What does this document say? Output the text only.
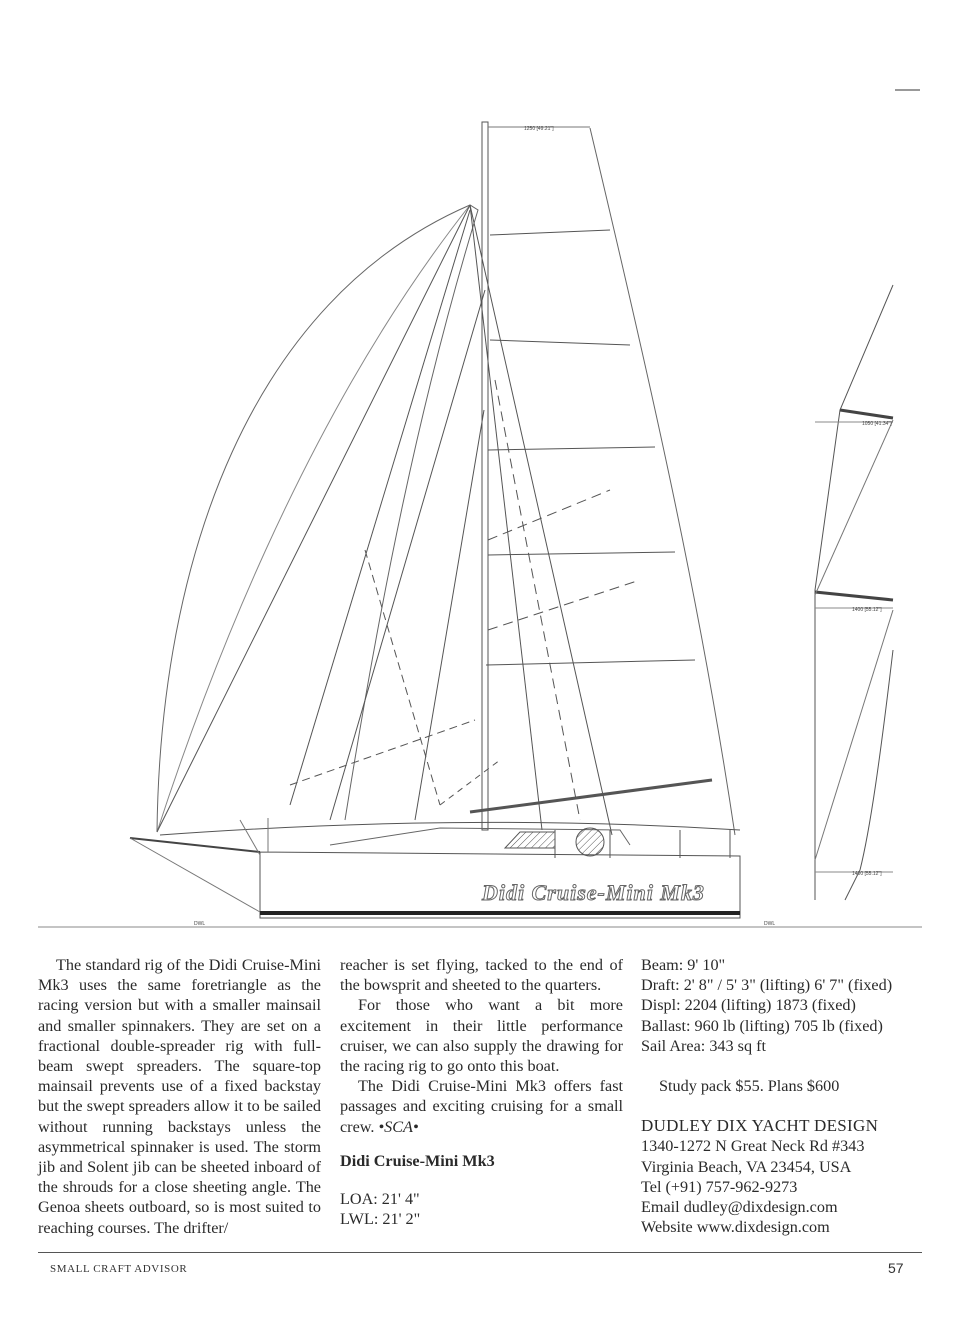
Didi Cruise-Mini Mk3
1250 [49.21"]
1050 [41.34"]
1400 [55.12"]
1400 [55.12"]
DWL	DWL

The standard rig of the Didi Cruise-Mini Mk3 uses the same foretriangle as the racing version but with a smaller mainsail and smaller spinnakers. They are set on a fractional double-spreader rig with full-beam swept spreaders. The square-top mainsail prevents use of a fixed backstay but the swept spreaders allow it to be sailed without running backstays unless the asymmetrical spinnaker is used. The storm jib and Solent jib can be sheeted inboard of the shrouds for a close sheeting angle. The Genoa sheets outboard, so is most suited to reaching courses. The drifter/

reacher is set flying, tacked to the end of the bowsprit and sheeted to the quarters.

For those who want a bit more excitement in their little performance cruiser, we can also supply the drawing for the racing rig to go onto this boat.

The Didi Cruise-Mini Mk3 offers fast passages and exciting cruising for a small crew. •SCA•

Didi Cruise-Mini Mk3

LOA: 21' 4"

LWL: 21' 2"

Beam: 9' 10"

Draft: 2' 8" / 5' 3" (lifting) 6' 7" (fixed)

Displ: 2204 (lifting) 1873 (fixed)

Ballast: 960 lb (lifting) 705 lb (fixed)

Sail Area: 343 sq ft

Study pack $55. Plans $600

DUDLEY DIX YACHT DESIGN

1340-1272 N Great Neck Rd #343

Virginia Beach, VA 23454, USA

Tel (+91) 757-962-9273

Email dudley@dixdesign.com

Website www.dixdesign.com

SMALL CRAFT ADVISOR	57
